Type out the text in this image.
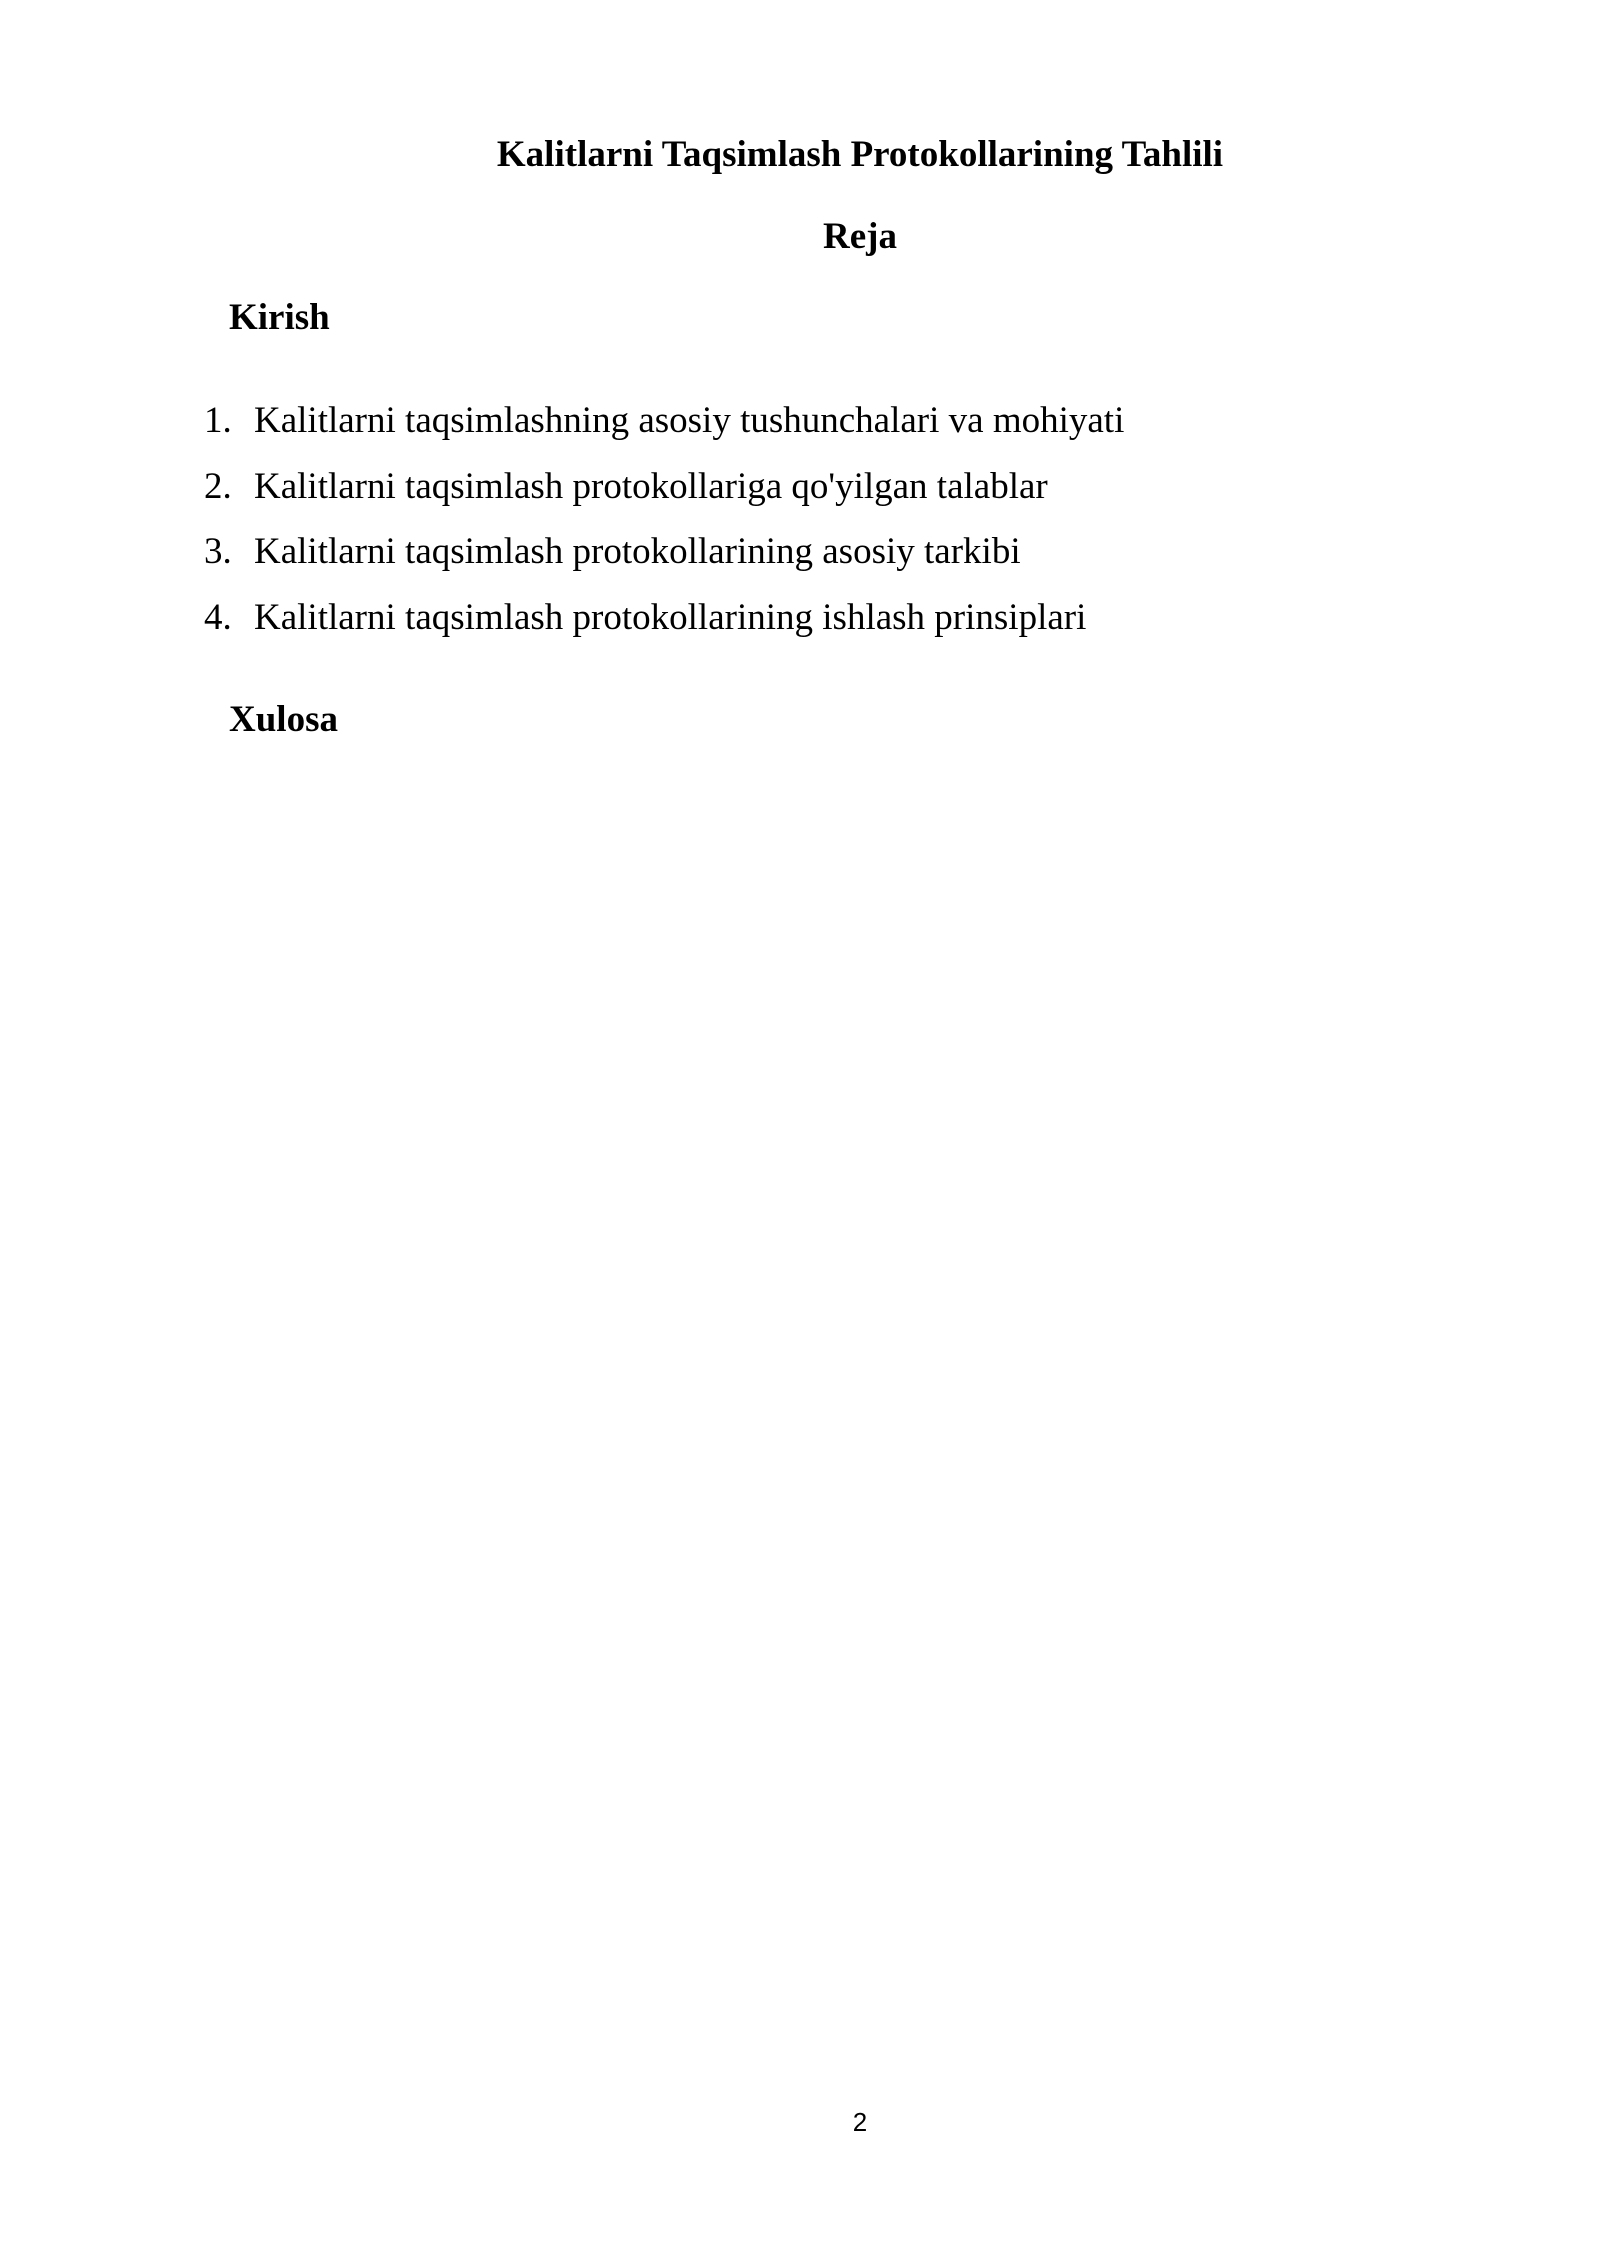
Kalitlarni Taqsimlash Protokollarining Tahlili
Reja
Kirish
1. Kalitlarni taqsimlashning asosiy tushunchalari va mohiyati
2. Kalitlarni taqsimlash protokollariga qo'yilgan talablar
3. Kalitlarni taqsimlash protokollarining asosiy tarkibi
4. Kalitlarni taqsimlash protokollarining ishlash prinsiplari
Xulosa
2
